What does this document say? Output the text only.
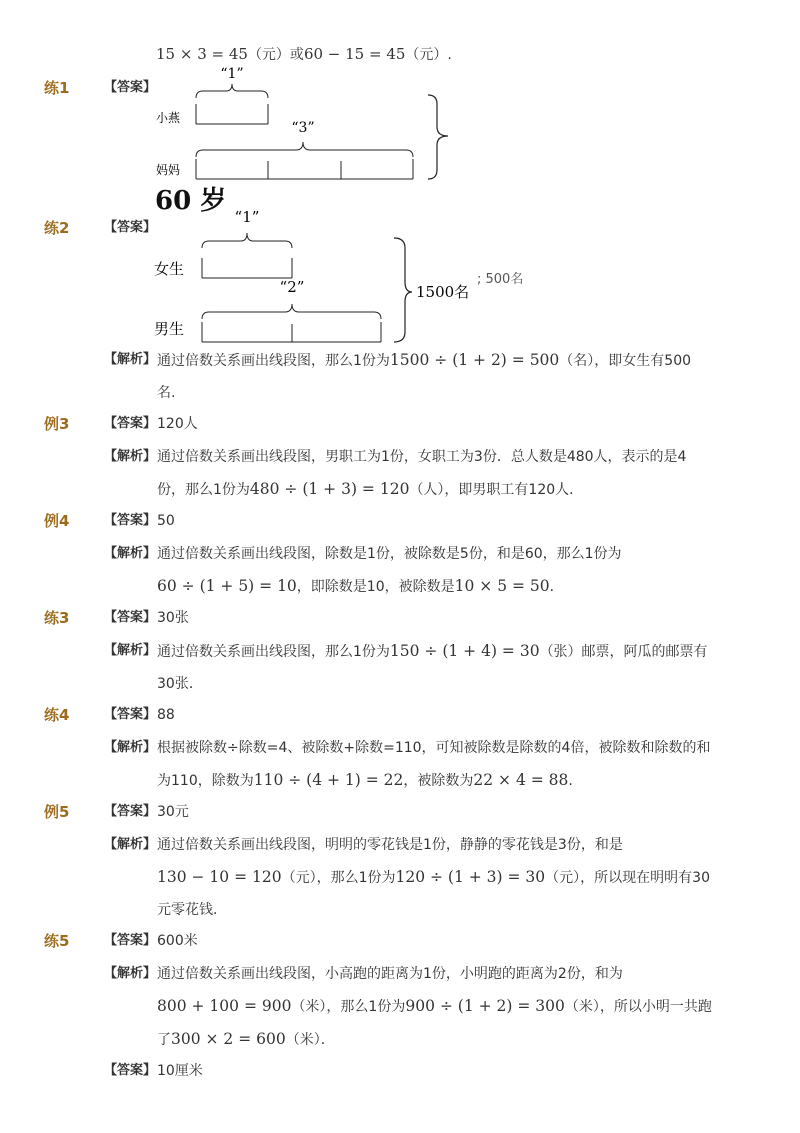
15 × 3 = 45（元）或60 − 15 = 45（元）.
练1	【答案】
“1”
小燕
“3”
妈妈
60 岁
练2	【答案】
“1”
女生
“2”
男生
1500名
; 500名
【解析】 通过倍数关系画出线段图，那么1份为1500 ÷ (1 + 2) = 500（名），即女生有500
名.
例3	【答案】 120人
【解析】 通过倍数关系画出线段图，男职工为1份，女职工为3份．总人数是480人，表示的是4
份，那么1份为480 ÷ (1 + 3) = 120（人），即男职工有120人．
例4	【答案】 50
【解析】 通过倍数关系画出线段图，除数是1份，被除数是5份，和是60，那么1份为
60 ÷ (1 + 5) = 10，即除数是10，被除数是10 × 5 = 50．
练3	【答案】 30张
【解析】 通过倍数关系画出线段图，那么1份为150 ÷ (1 + 4) = 30（张）邮票，阿瓜的邮票有
30张．
练4	【答案】 88
【解析】 根据被除数÷除数=4、被除数+除数=110，可知被除数是除数的4倍，被除数和除数的和
为110，除数为110 ÷ (4 + 1) = 22，被除数为22 × 4 = 88.
例5	【答案】 30元
【解析】 通过倍数关系画出线段图，明明的零花钱是1份，静静的零花钱是3份，和是
130 − 10 = 120（元），那么1份为120 ÷ (1 + 3) = 30（元），所以现在明明有30
元零花钱．
练5	【答案】 600米
【解析】 通过倍数关系画出线段图，小高跑的距离为1份，小明跑的距离为2份，和为
800 + 100 = 900（米），那么1份为900 ÷ (1 + 2) = 300（米），所以小明一共跑
了300 × 2 = 600（米）．
【答案】 10厘米
